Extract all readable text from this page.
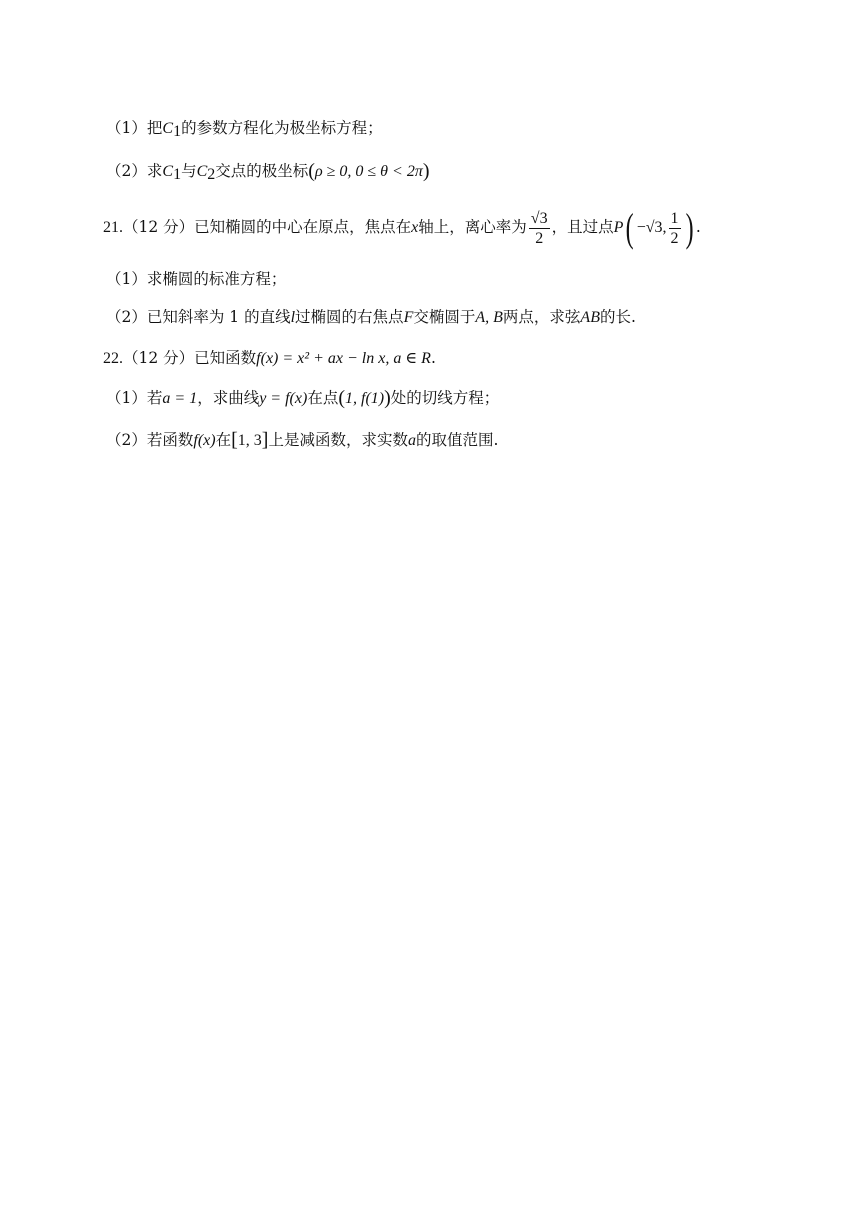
（1）把$C_1$的参数方程化为极坐标方程；
（2）求$C_1$与$C_2$交点的极坐标(ρ ≥ 0, 0 ≤ θ < 2π)
21.（12 分）已知椭圆的中心在原点，焦点在x轴上，离心率为 $\frac{√3}{2}$ ，且过点P( −√3, $\frac{1}{2}$ ) .
（1）求椭圆的标准方程；
（2）已知斜率为 1 的直线l过椭圆的右焦点F交椭圆于A, B两点，求弦AB的长.
22.（12 分）已知函数f(x) = x² + ax − ln x, a ∈ R.
（1）若a = 1，求曲线y = f(x)在点(1, f(1))处的切线方程；
（2）若函数f(x)在[1, 3]上是减函数，求实数a的取值范围.
